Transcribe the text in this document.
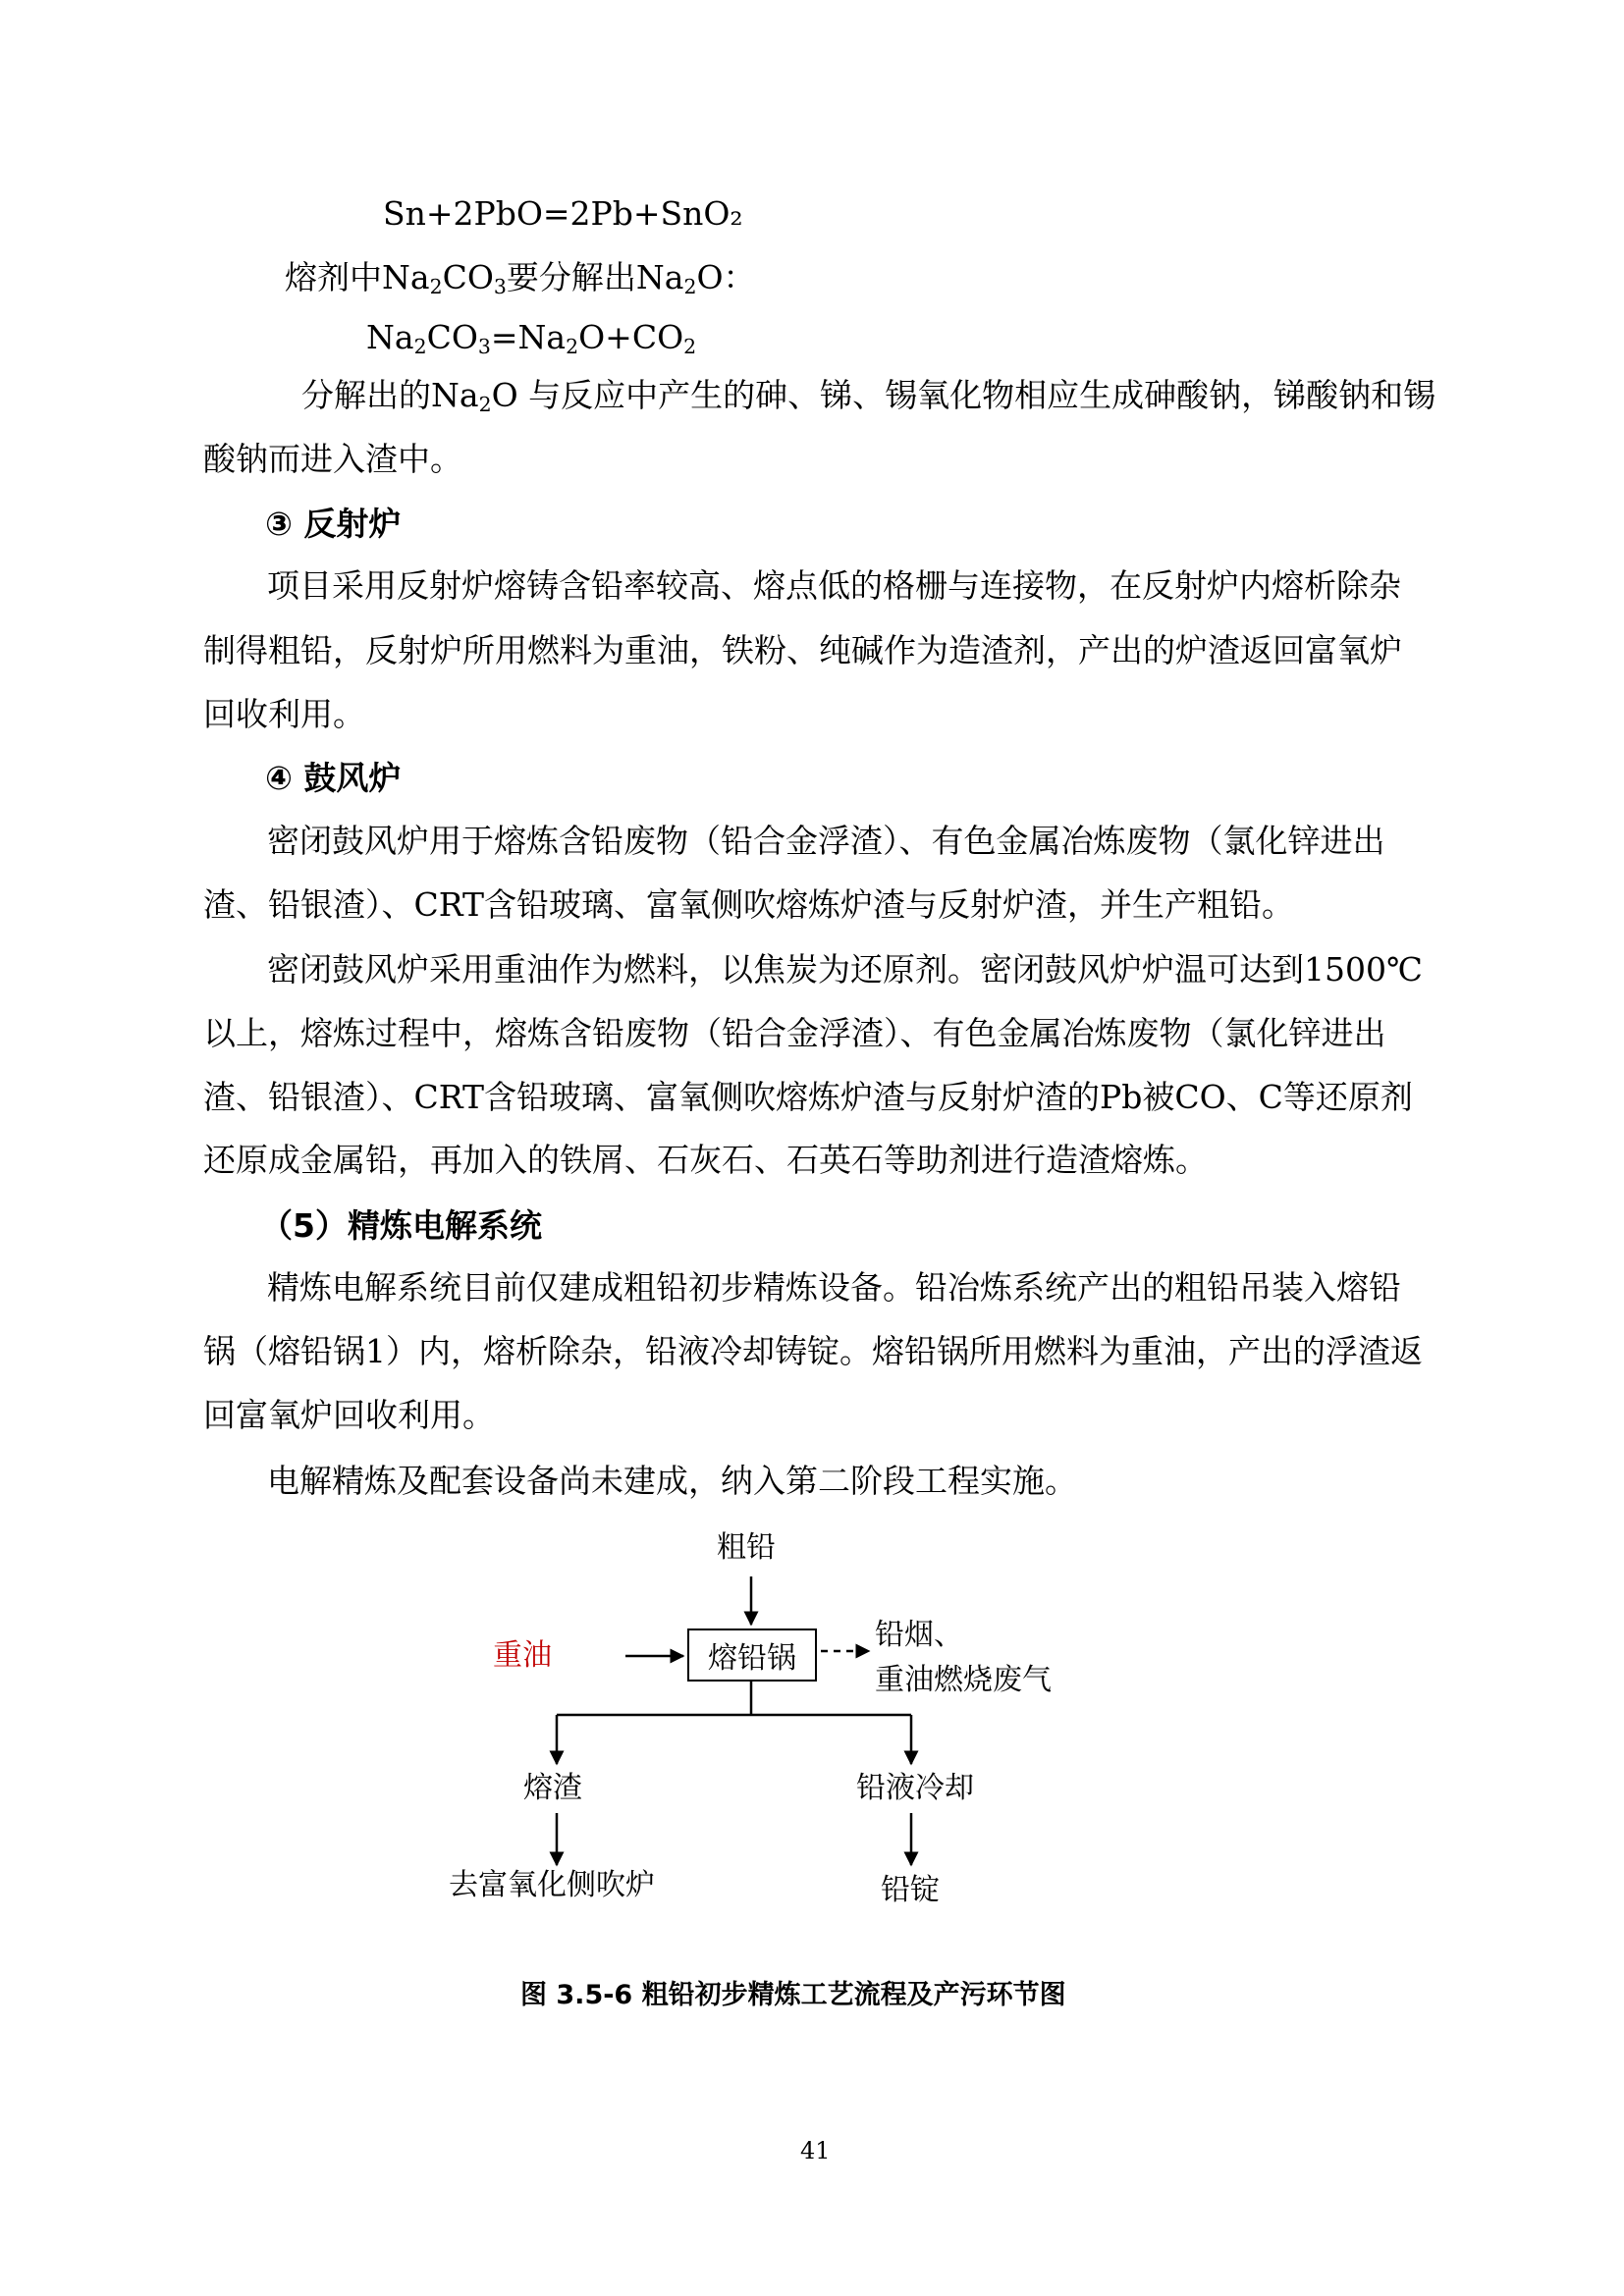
Sn+2PbO=2Pb+SnO₂
熔剂中$Na_2CO_3$要分解出$Na_2O$：
$Na_2CO_3=Na_2O+CO_2$
分解出的$Na_2O$ 与反应中产生的砷、锑、锡氧化物相应生成砷酸钠，锑酸钠和锡
酸钠而进入渣中。
③ 反射炉
项目采用反射炉熔铸含铅率较高、熔点低的格栅与连接物，在反射炉内熔析除杂
制得粗铅，反射炉所用燃料为重油，铁粉、纯碱作为造渣剂，产出的炉渣返回富氧炉
回收利用。
④ 鼓风炉
密闭鼓风炉用于熔炼含铅废物（铅合金浮渣）、有色金属冶炼废物（氯化锌进出
渣、铅银渣）、CRT含铅玻璃、富氧侧吹熔炼炉渣与反射炉渣，并生产粗铅。
密闭鼓风炉采用重油作为燃料，以焦炭为还原剂。密闭鼓风炉炉温可达到1500℃
以上，熔炼过程中，熔炼含铅废物（铅合金浮渣）、有色金属冶炼废物（氯化锌进出
渣、铅银渣）、CRT含铅玻璃、富氧侧吹熔炼炉渣与反射炉渣的Pb被CO、C等还原剂
还原成金属铅，再加入的铁屑、石灰石、石英石等助剂进行造渣熔炼。
（5）精炼电解系统
精炼电解系统目前仅建成粗铅初步精炼设备。铅冶炼系统产出的粗铅吊装入熔铅
锅（熔铅锅1）内，熔析除杂，铅液冷却铸锭。熔铅锅所用燃料为重油，产出的浮渣返
回富氧炉回收利用。
电解精炼及配套设备尚未建成，纳入第二阶段工程实施。
粗铅
重油	熔铅锅
铅烟、
重油燃烧废气
熔渣	铅液冷却
去富氧化侧吹炉	铅锭
图 3.5-6 粗铅初步精炼工艺流程及产污环节图
41
